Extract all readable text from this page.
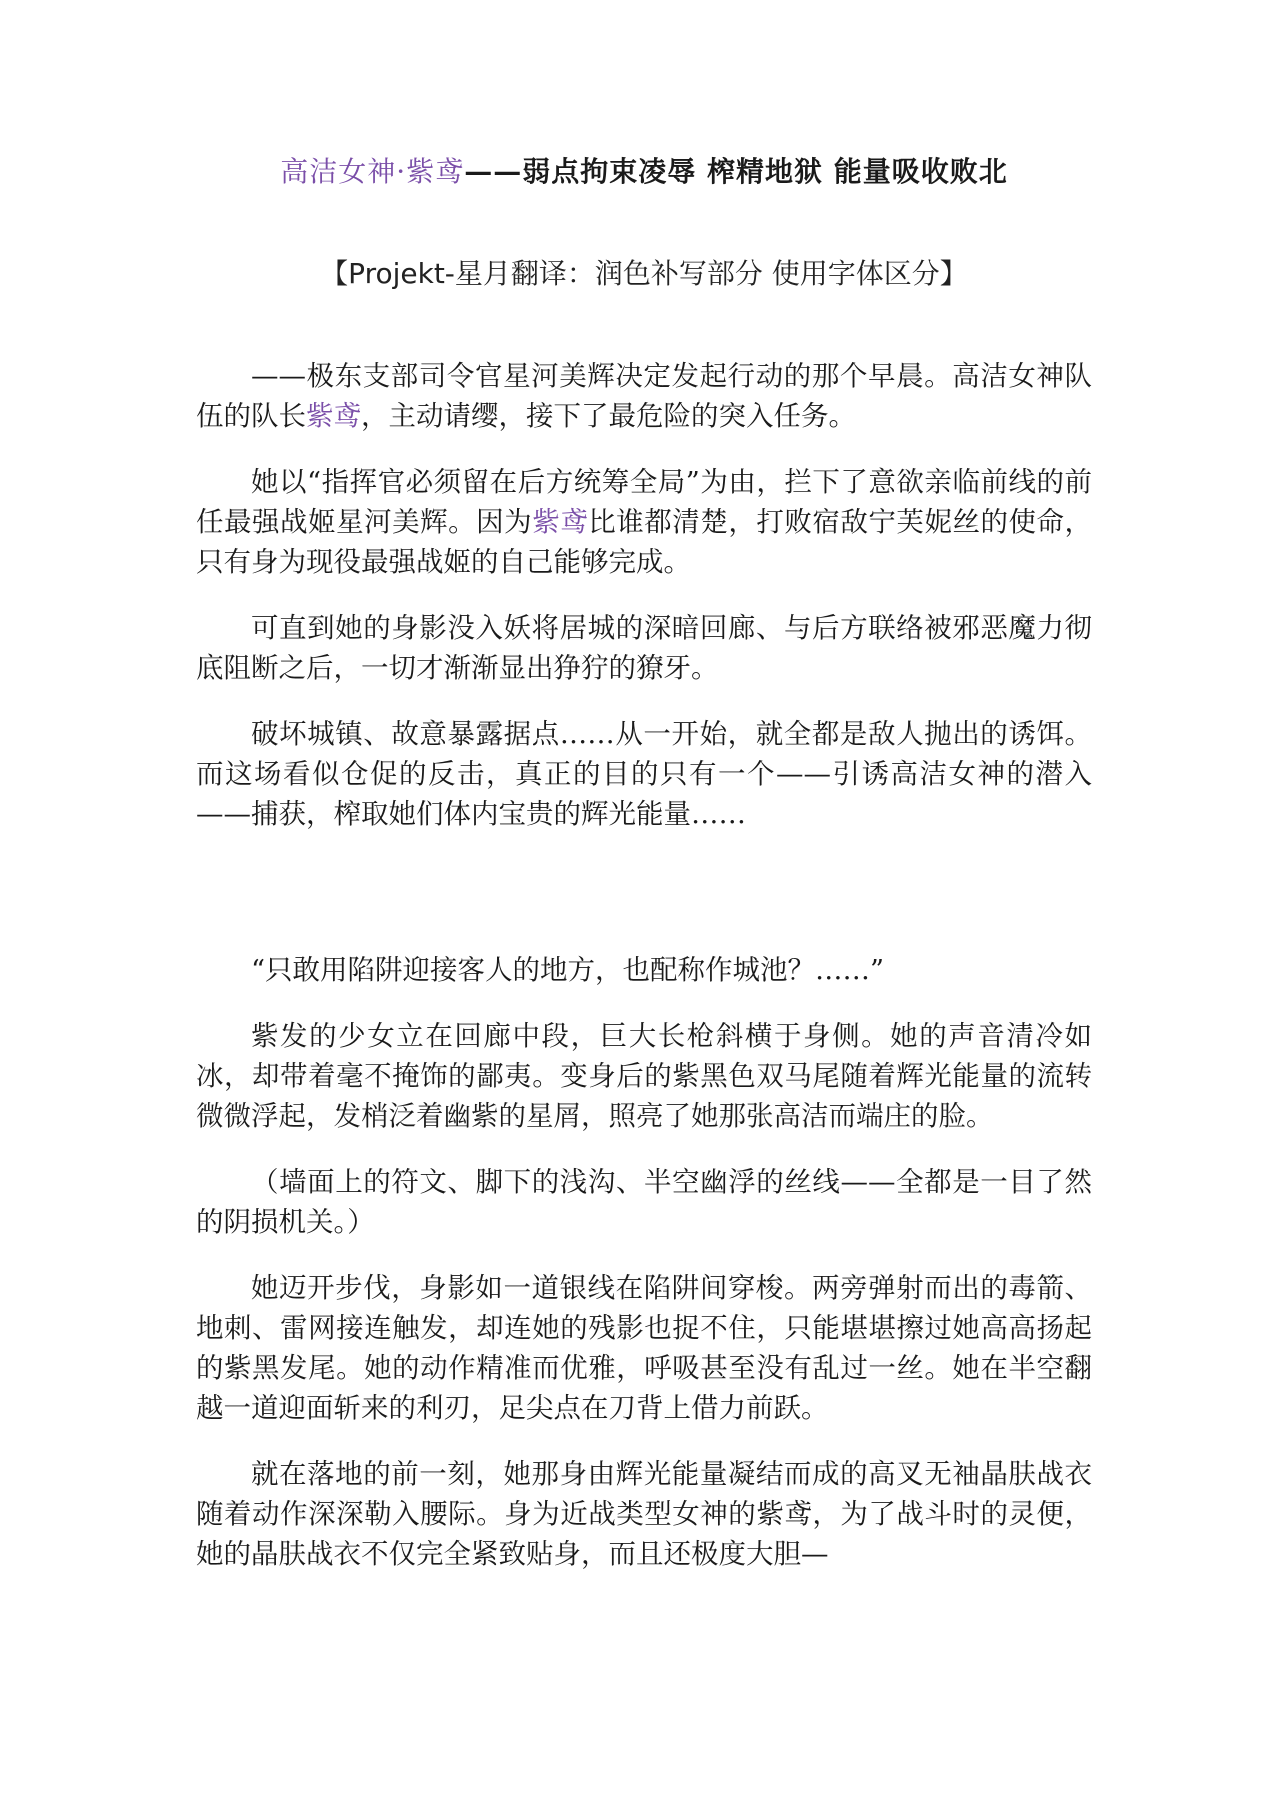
高洁女神·紫鸢——弱点拘束凌辱 榨精地狱 能量吸收败北
【Projekt-星月翻译：润色补写部分 使用字体区分】

——极东支部司令官星河美辉决定发起行动的那个早晨。高洁女神队伍的队长紫鸢，主动请缨，接下了最危险的突入任务。

她以“指挥官必须留在后方统筹全局”为由，拦下了意欲亲临前线的前任最强战姬星河美辉。因为紫鸢比谁都清楚，打败宿敌宁芙妮丝的使命，只有身为现役最强战姬的自己能够完成。

可直到她的身影没入妖将居城的深暗回廊、与后方联络被邪恶魔力彻底阻断之后，一切才渐渐显出狰狞的獠牙。

破坏城镇、故意暴露据点……从一开始，就全都是敌人抛出的诱饵。而这场看似仓促的反击，真正的目的只有一个——引诱高洁女神的潜入——捕获，榨取她们体内宝贵的辉光能量……

“只敢用陷阱迎接客人的地方，也配称作城池？……”

紫发的少女立在回廊中段，巨大长枪斜横于身侧。她的声音清冷如冰，却带着毫不掩饰的鄙夷。变身后的紫黑色双马尾随着辉光能量的流转微微浮起，发梢泛着幽紫的星屑，照亮了她那张高洁而端庄的脸。

（墙面上的符文、脚下的浅沟、半空幽浮的丝线——全都是一目了然的阴损机关。）

她迈开步伐，身影如一道银线在陷阱间穿梭。两旁弹射而出的毒箭、地刺、雷网接连触发，却连她的残影也捉不住，只能堪堪擦过她高高扬起的紫黑发尾。她的动作精准而优雅，呼吸甚至没有乱过一丝。她在半空翻越一道迎面斩来的利刃，足尖点在刀背上借力前跃。

就在落地的前一刻，她那身由辉光能量凝结而成的高叉无袖晶肤战衣随着动作深深勒入腰际。身为近战类型女神的紫鸢，为了战斗时的灵便，她的晶肤战衣不仅完全紧致贴身，而且还极度大胆—
